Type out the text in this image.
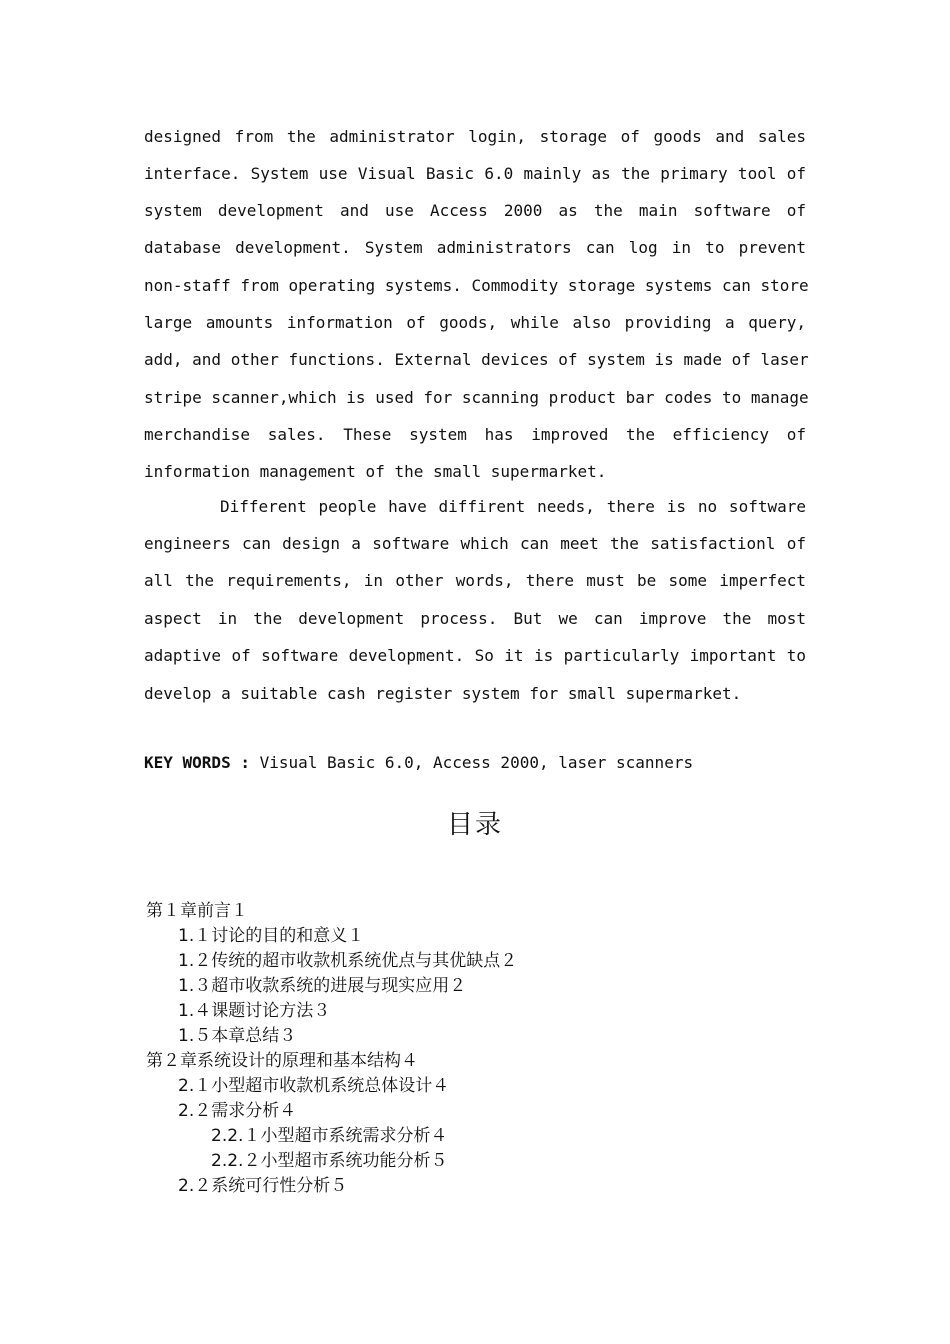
designed from the administrator login, storage of goods and sales
interface. System use Visual Basic 6.0 mainly as the primary tool of
system development and use Access 2000 as the main software of
database development. System administrators can log in to prevent
non-staff from operating systems. Commodity storage systems can store
large amounts information of goods, while also providing a query,
add, and other functions. External devices of system is made of laser
stripe scanner,which is used for scanning product bar codes to manage
merchandise sales. These system has improved the efficiency of
information management of the small supermarket.
Different people have diffirent needs, there is no software
engineers can design a software which can meet the satisfactionl of
all the requirements, in other words, there must be some imperfect
aspect in the development process. But we can improve the most
adaptive of software development. So it is particularly important to
develop a suitable cash register system for small supermarket.
KEY WORDS : Visual Basic 6.0, Access 2000, laser scanners
目录
第１章前言１
1.１讨论的目的和意义１
1.２传统的超市收款机系统优点与其优缺点２
1.３超市收款系统的进展与现实应用２
1.４课题讨论方法３
1.５本章总结３
第２章系统设计的原理和基本结构４
2.１小型超市收款机系统总体设计４
2.２需求分析４
2.2.１小型超市系统需求分析４
2.2.２小型超市系统功能分析５
2.２系统可行性分析５
